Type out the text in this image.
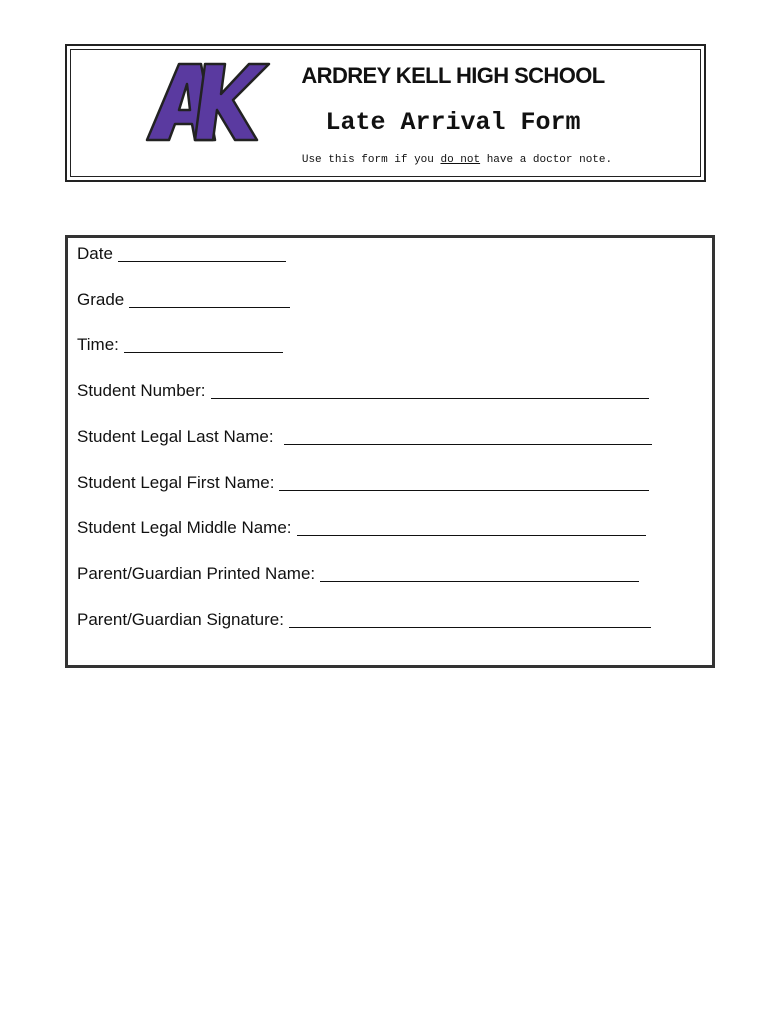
ARDREY KELL HIGH SCHOOL
Late Arrival Form
Use this form if you do not have a doctor note.
Date
Grade
Time:
Student Number:
Student Legal Last Name:
Student Legal First Name:
Student Legal Middle Name:
Parent/Guardian Printed Name:
Parent/Guardian Signature:
